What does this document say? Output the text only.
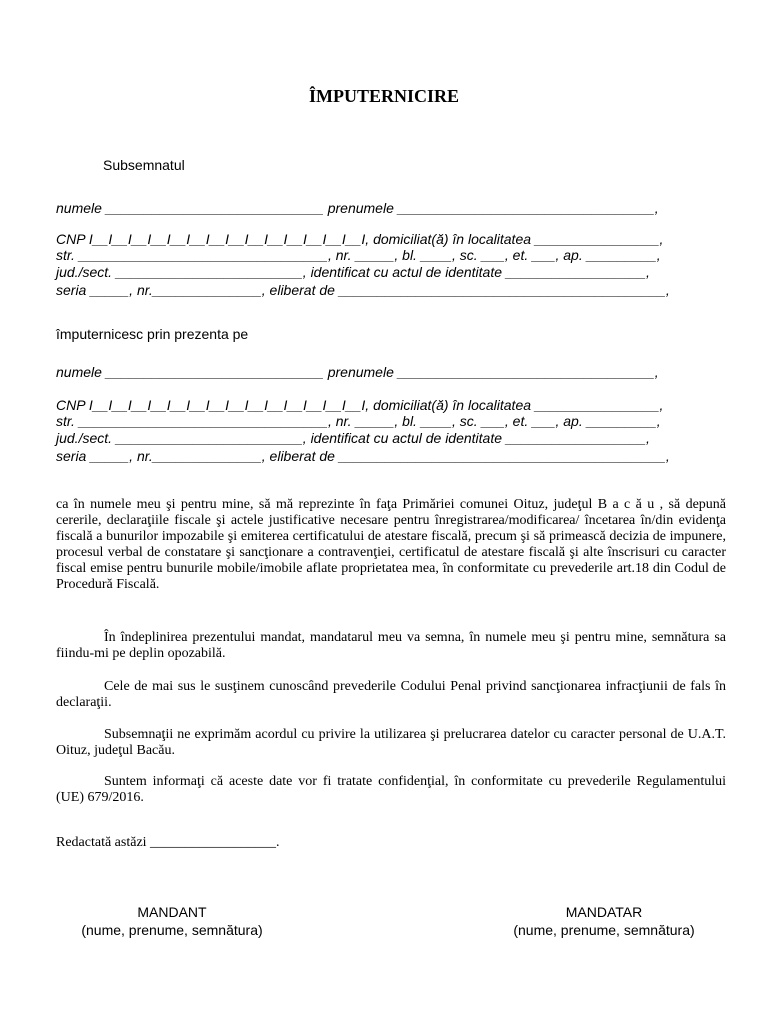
ÎMPUTERNICIRE
Subsemnatul
numele ____________________________ prenumele _________________________________,
CNP I__I__I__I__I__I__I__I__I__I__I__I__I__I__I, domiciliat(ă) în localitatea ________________,
str. ________________________________, nr. _____, bl. ____, sc. ___, et. ___, ap. _________,
jud./sect. ________________________, identificat cu actul de identitate __________________,
seria _____, nr.______________, eliberat de __________________________________________,
împuternicesc prin prezenta pe
numele ____________________________ prenumele _________________________________,
CNP I__I__I__I__I__I__I__I__I__I__I__I__I__I__I, domiciliat(ă) în localitatea ________________,
str. ________________________________, nr. _____, bl. ____, sc. ___, et. ___, ap. _________,
jud./sect. ________________________, identificat cu actul de identitate __________________,
seria _____, nr.______________, eliberat de __________________________________________,

ca în numele meu şi pentru mine, să mă reprezinte în faţa Primăriei comunei Oituz, judeţul B a c ă u , să depună cererile, declaraţiile fiscale şi actele justificative necesare pentru înregistrarea/modificarea/ încetarea în/din evidenţa fiscală a bunurilor impozabile şi emiterea certificatului de atestare fiscală, precum şi să primească decizia de impunere, procesul verbal de constatare şi sancţionare a contravenţiei, certificatul de atestare fiscală şi alte înscrisuri cu caracter fiscal emise pentru bunurile mobile/imobile aflate proprietatea mea, în conformitate cu prevederile art.18 din Codul de Procedură Fiscală.

În îndeplinirea prezentului mandat, mandatarul meu va semna, în numele meu şi pentru mine, semnătura sa fiindu-mi pe deplin opozabilă.

Cele de mai sus le susţinem cunoscând prevederile Codului Penal privind sancţionarea infracţiunii de fals în declaraţii.

Subsemnaţii ne exprimăm acordul cu privire la utilizarea şi prelucrarea datelor cu caracter personal de U.A.T. Oituz, judeţul Bacău.

Suntem informaţi că aceste date vor fi tratate confidenţial, în conformitate cu prevederile Regulamentului (UE) 679/2016.

Redactată astăzi __________________.
MANDANT
(nume, prenume, semnătura)
MANDATAR
(nume, prenume, semnătura)
